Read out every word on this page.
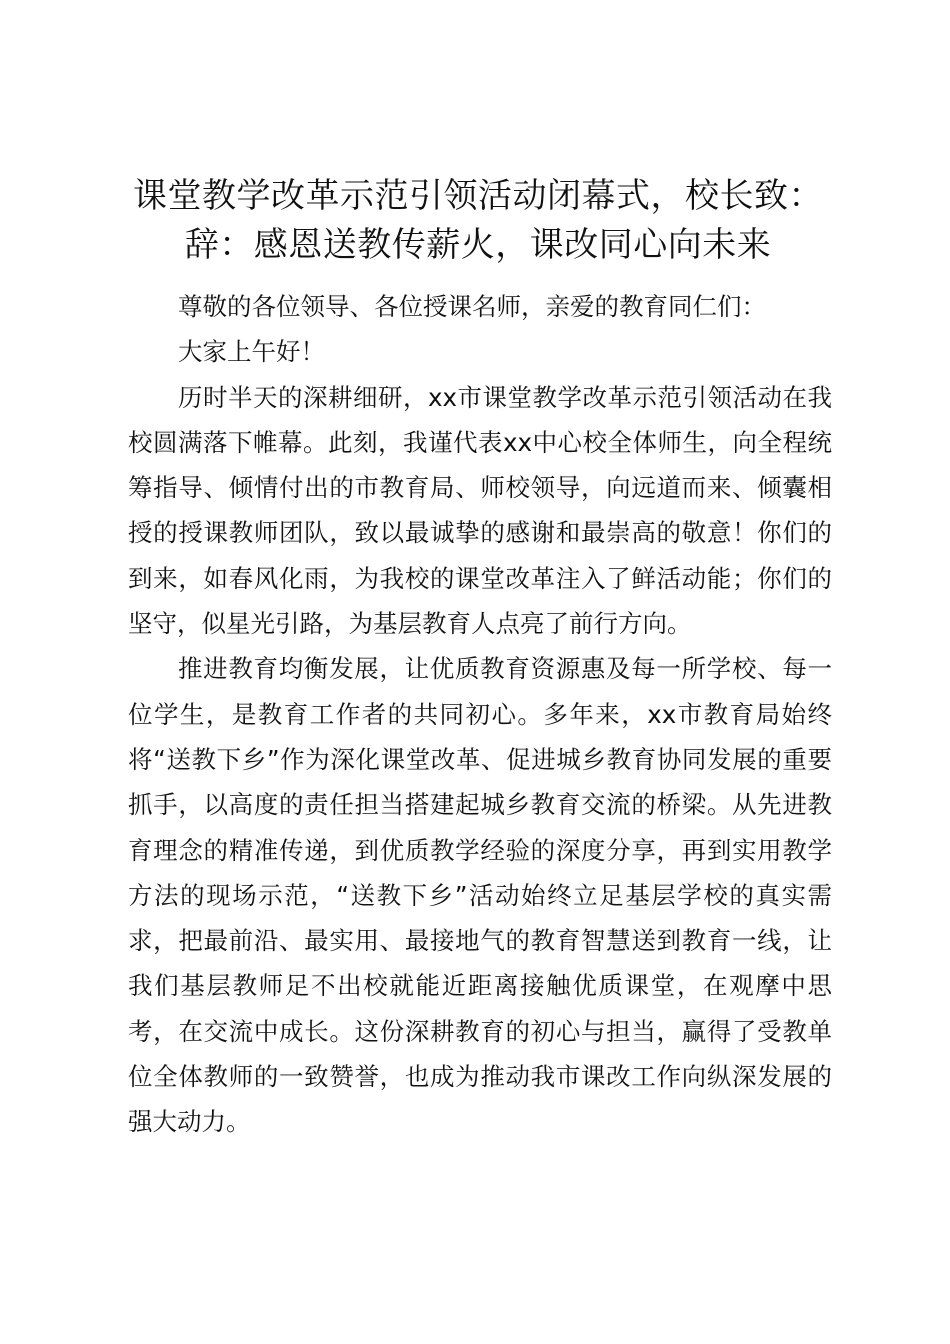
课堂教学改革示范引领活动闭幕式，校长致：
辞：感恩送教传薪火，课改同心向未来

尊敬的各位领导、各位授课名师，亲爱的教育同仁们：

大家上午好！

历时半天的深耕细研，xx市课堂教学改革示范引领活动在我校圆满落下帷幕。此刻，我谨代表xx中心校全体师生，向全程统筹指导、倾情付出的市教育局、师校领导，向远道而来、倾囊相授的授课教师团队，致以最诚挚的感谢和最崇高的敬意！你们的到来，如春风化雨，为我校的课堂改革注入了鲜活动能；你们的坚守，似星光引路，为基层教育人点亮了前行方向。

推进教育均衡发展，让优质教育资源惠及每一所学校、每一位学生，是教育工作者的共同初心。多年来，xx市教育局始终将“送教下乡”作为深化课堂改革、促进城乡教育协同发展的重要抓手，以高度的责任担当搭建起城乡教育交流的桥梁。从先进教育理念的精准传递，到优质教学经验的深度分享，再到实用教学方法的现场示范，“送教下乡”活动始终立足基层学校的真实需求，把最前沿、最实用、最接地气的教育智慧送到教育一线，让我们基层教师足不出校就能近距离接触优质课堂，在观摩中思考，在交流中成长。这份深耕教育的初心与担当，赢得了受教单位全体教师的一致赞誉，也成为推动我市课改工作向纵深发展的强大动力。
